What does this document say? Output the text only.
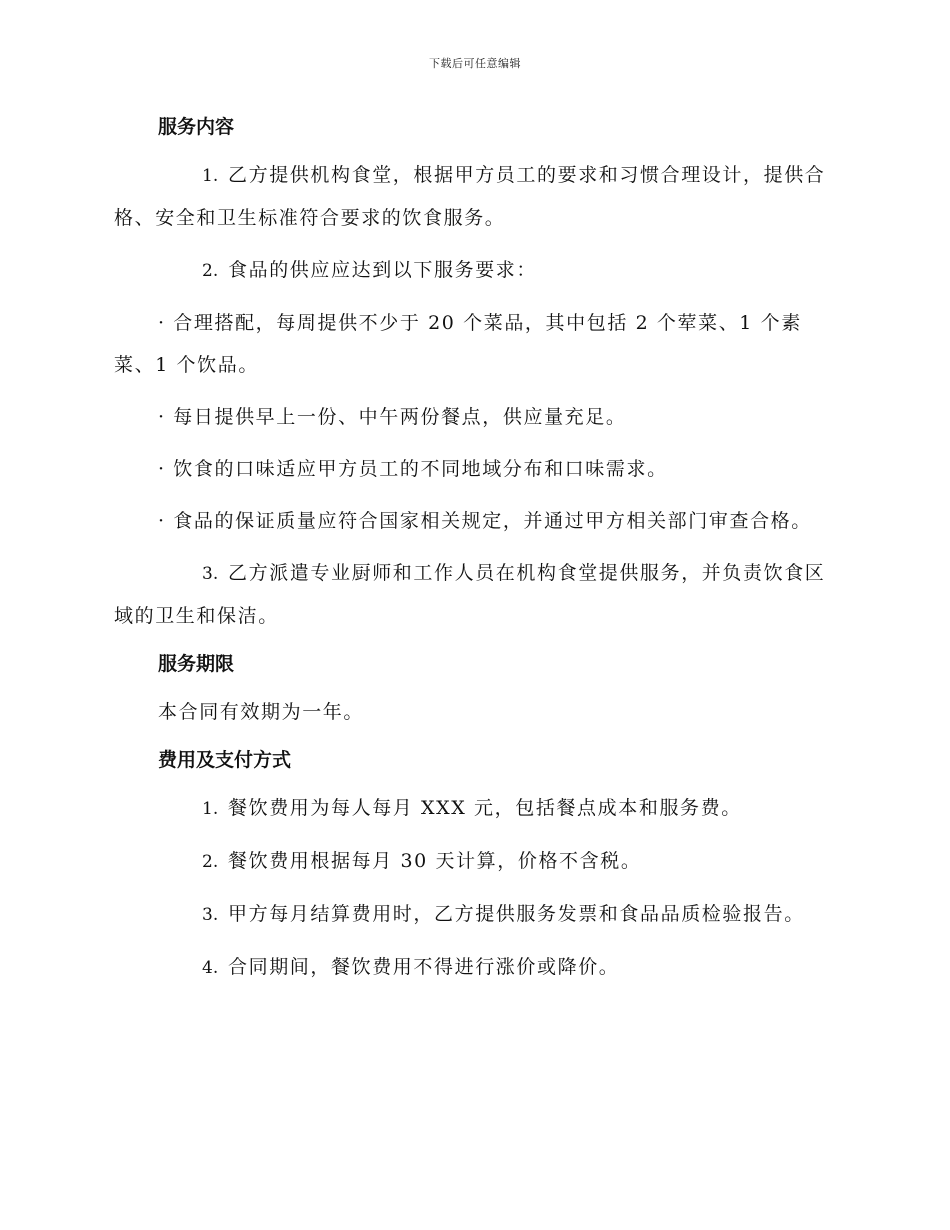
下载后可任意编辑

服务内容

1. 乙方提供机构食堂，根据甲方员工的要求和习惯合理设计，提供合格、安全和卫生标准符合要求的饮食服务。

2. 食品的供应应达到以下服务要求：

· 合理搭配，每周提供不少于 20 个菜品，其中包括 2 个荤菜、1 个素菜、1 个饮品。

· 每日提供早上一份、中午两份餐点，供应量充足。

· 饮食的口味适应甲方员工的不同地域分布和口味需求。

· 食品的保证质量应符合国家相关规定，并通过甲方相关部门审查合格。

3. 乙方派遣专业厨师和工作人员在机构食堂提供服务，并负责饮食区域的卫生和保洁。

服务期限

本合同有效期为一年。

费用及支付方式

1. 餐饮费用为每人每月 XXX 元，包括餐点成本和服务费。

2. 餐饮费用根据每月 30 天计算，价格不含税。

3. 甲方每月结算费用时，乙方提供服务发票和食品品质检验报告。

4. 合同期间，餐饮费用不得进行涨价或降价。
